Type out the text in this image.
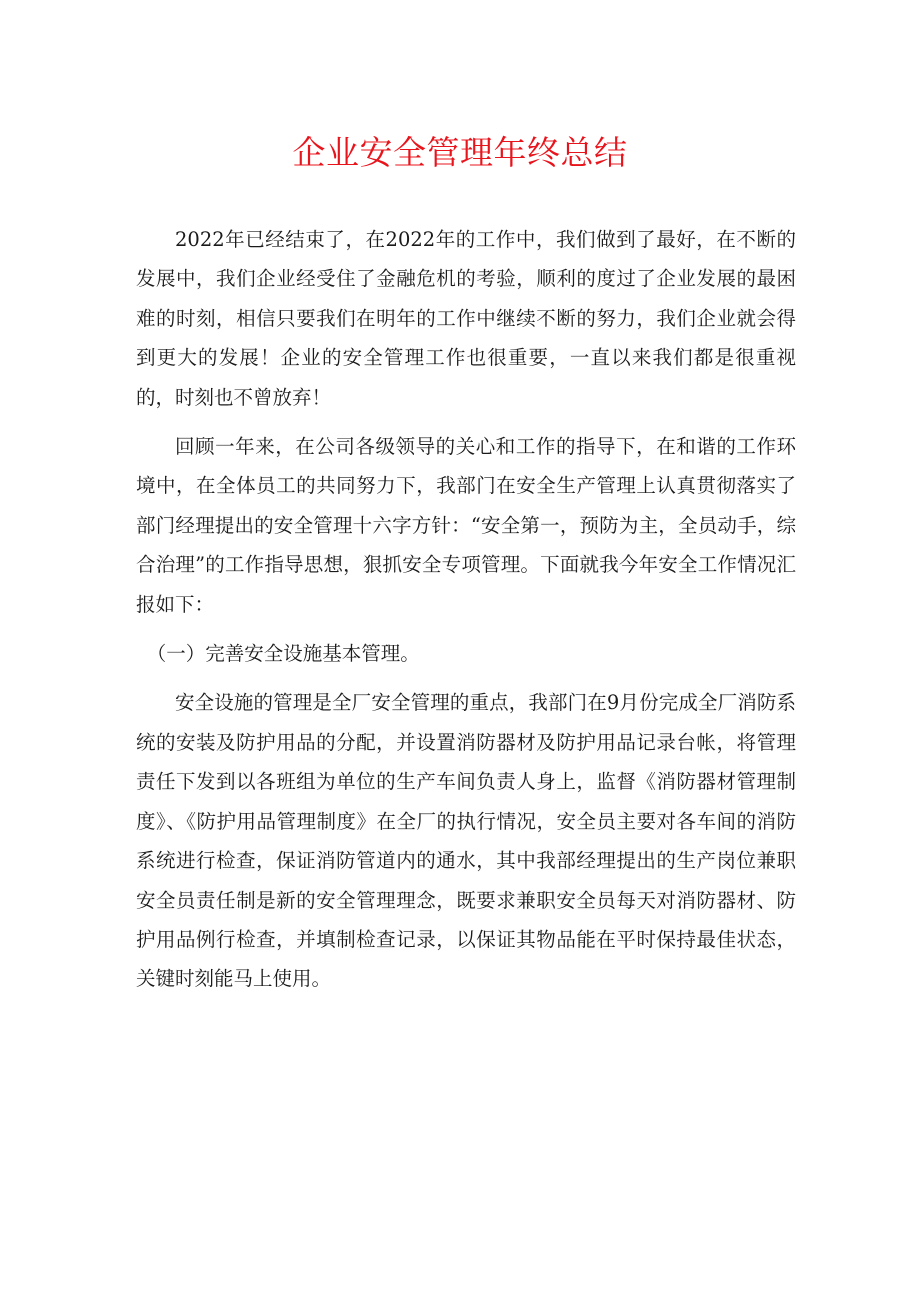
企业安全管理年终总结

2022年已经结束了，在2022年的工作中，我们做到了最好，在不断的发展中，我们企业经受住了金融危机的考验，顺利的度过了企业发展的最困难的时刻，相信只要我们在明年的工作中继续不断的努力，我们企业就会得到更大的发展！企业的安全管理工作也很重要，一直以来我们都是很重视的，时刻也不曾放弃！

回顾一年来，在公司各级领导的关心和工作的指导下，在和谐的工作环境中，在全体员工的共同努力下，我部门在安全生产管理上认真贯彻落实了部门经理提出的安全管理十六字方针：“安全第一，预防为主，全员动手，综合治理”的工作指导思想，狠抓安全专项管理。下面就我今年安全工作情况汇报如下：

（一）完善安全设施基本管理。

安全设施的管理是全厂安全管理的重点，我部门在9月份完成全厂消防系统的安装及防护用品的分配，并设置消防器材及防护用品记录台帐，将管理责任下发到以各班组为单位的生产车间负责人身上，监督《消防器材管理制度》、《防护用品管理制度》在全厂的执行情况，安全员主要对各车间的消防系统进行检查，保证消防管道内的通水，其中我部经理提出的生产岗位兼职安全员责任制是新的安全管理理念，既要求兼职安全员每天对消防器材、防护用品例行检查，并填制检查记录，以保证其物品能在平时保持最佳状态，关键时刻能马上使用。
